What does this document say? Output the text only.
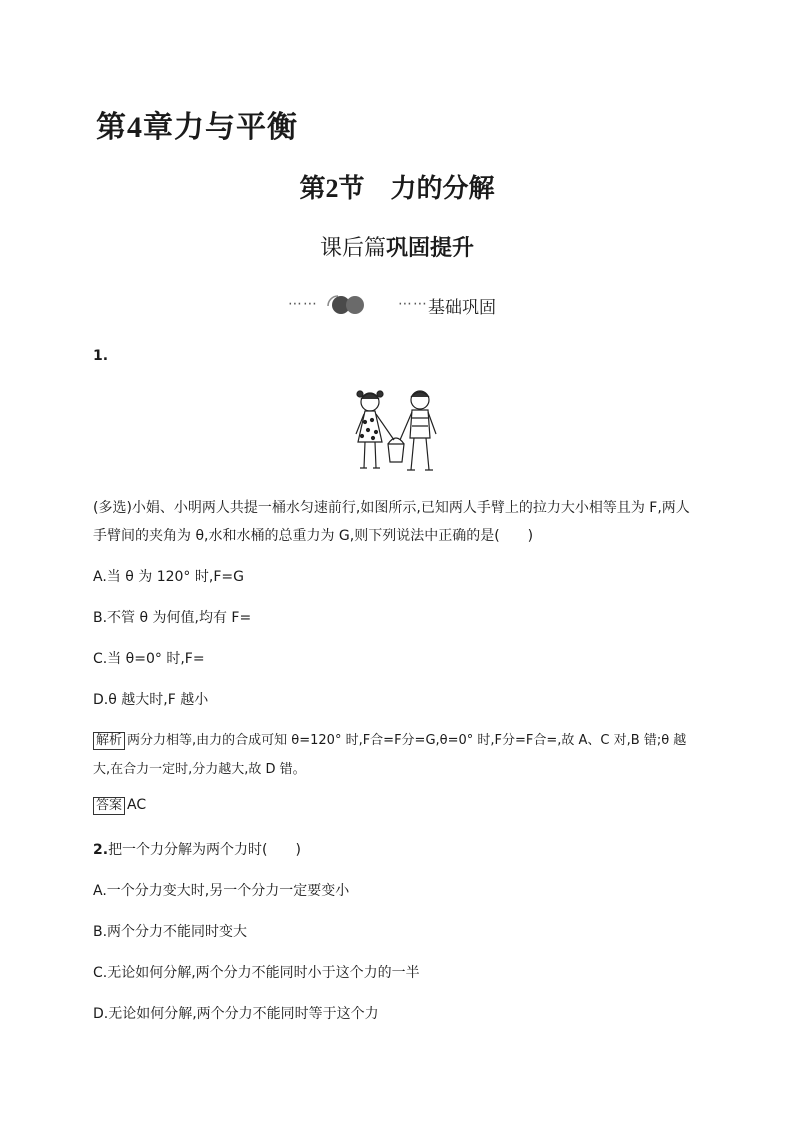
第4章力与平衡
第2节　力的分解
课后篇巩固提升
⋯⋯	⋯⋯ 基础巩固
1.
(多选)小娟、小明两人共提一桶水匀速前行,如图所示,已知两人手臂上的拉力大小相等且为 F,两人
手臂间的夹角为 θ,水和水桶的总重力为 G,则下列说法中正确的是(　　)
A.当 θ 为 120° 时,F=G
B.不管 θ 为何值,均有 F=
C.当 θ=0° 时,F=
D.θ 越大时,F 越小
解析 两分力相等,由力的合成可知 θ=120° 时,F合=F分=G,θ=0° 时,F分=F合=,故 A、C 对,B 错;θ 越
大,在合力一定时,分力越大,故 D 错。
答案 AC
2.把一个力分解为两个力时(　　)
A.一个分力变大时,另一个分力一定要变小
B.两个分力不能同时变大
C.无论如何分解,两个分力不能同时小于这个力的一半
D.无论如何分解,两个分力不能同时等于这个力
